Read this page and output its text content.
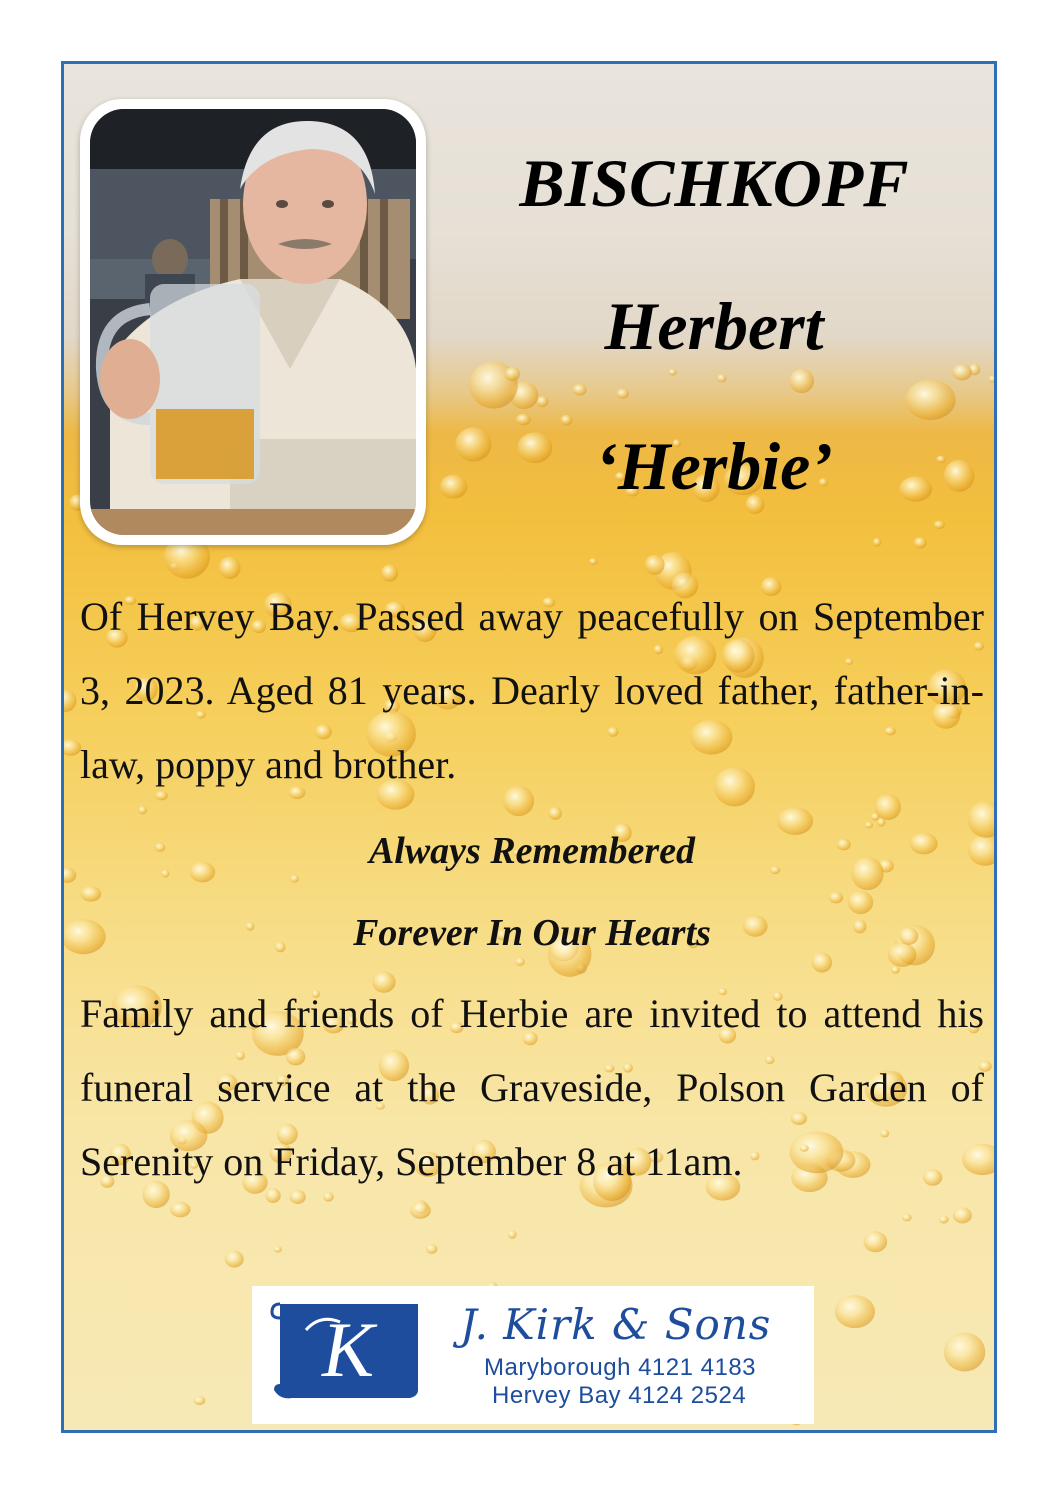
BISCHKOPF
Herbert
‘Herbie’
Of Hervey Bay. Passed away peacefully on September 3, 2023. Aged 81 years. Dearly loved father, father-in-law, poppy and brother.
Always Remembered
Forever In Our Hearts
Family and friends of Herbie are invited to attend his funeral service at the Graveside, Polson Garden of Serenity on Friday, September 8 at 11am.
K J. Kirk & Sons
Maryborough 4121 4183
Hervey Bay 4124 2524
